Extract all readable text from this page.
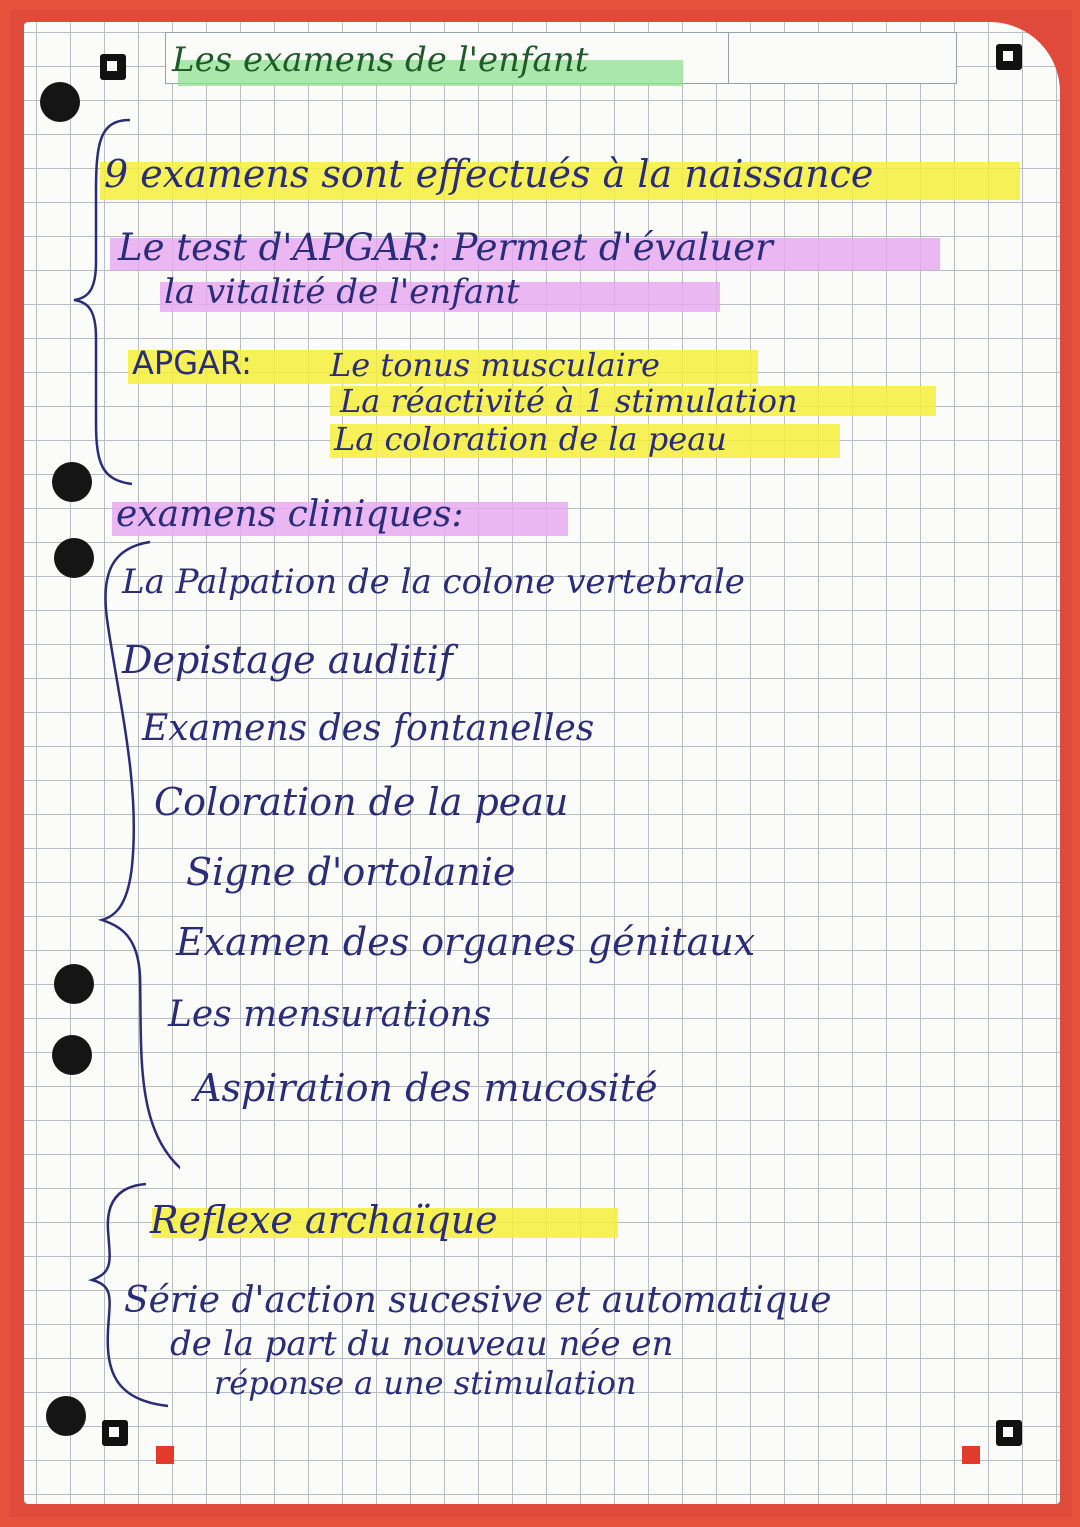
Les examens de l'enfant
9 examens sont effectués à la naissance
Le test d'APGAR: Permet d'évaluer
la vitalité de l'enfant
APGAR: Le tonus musculaire
La réactivité à 1 stimulation
La coloration de la peau
examens cliniques:
La Palpation de la colone vertebrale
Depistage auditif
Examens des fontanelles
Coloration de la peau
Signe d'ortolanie
Examen des organes génitaux
Les mensurations
Aspiration des mucosité
Reflexe archaïque
Série d'action sucesive et automatique
de la part du nouveau née en
réponse a une stimulation
